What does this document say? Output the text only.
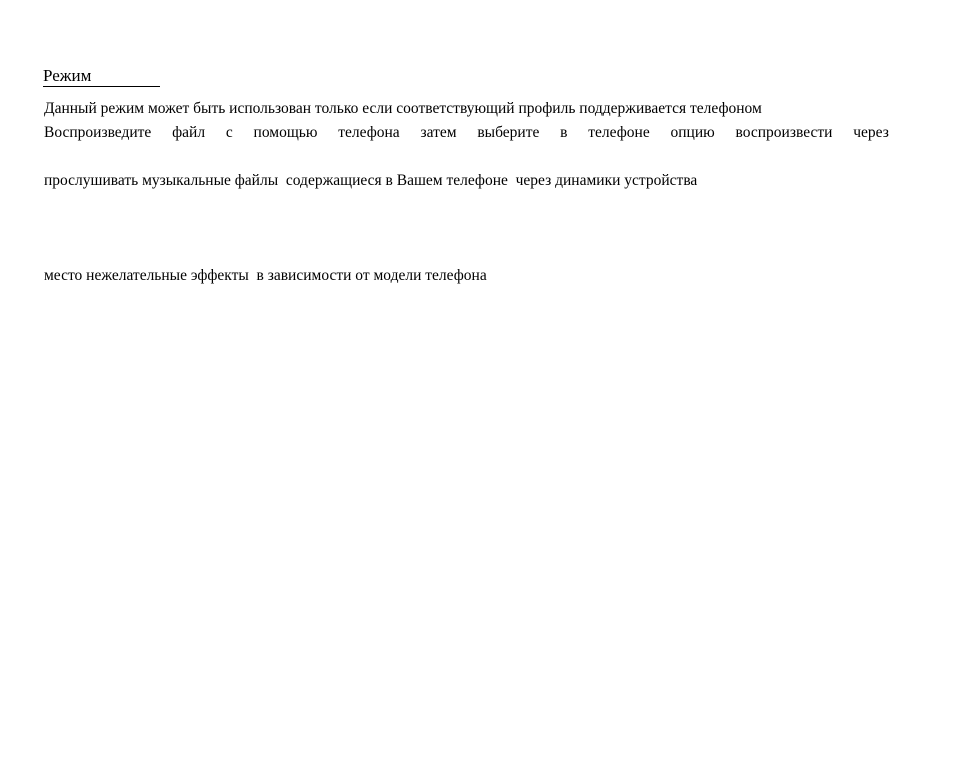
Режим
Данный режим может быть использован только если соответствующий профиль поддерживается телефоном
Воспроизведите файл с помощью телефона затем выберите в телефоне опцию воспроизвести через
прослушивать музыкальные файлы  содержащиеся в Вашем телефоне  через динамики устройства
место нежелательные эффекты  в зависимости от модели телефона
